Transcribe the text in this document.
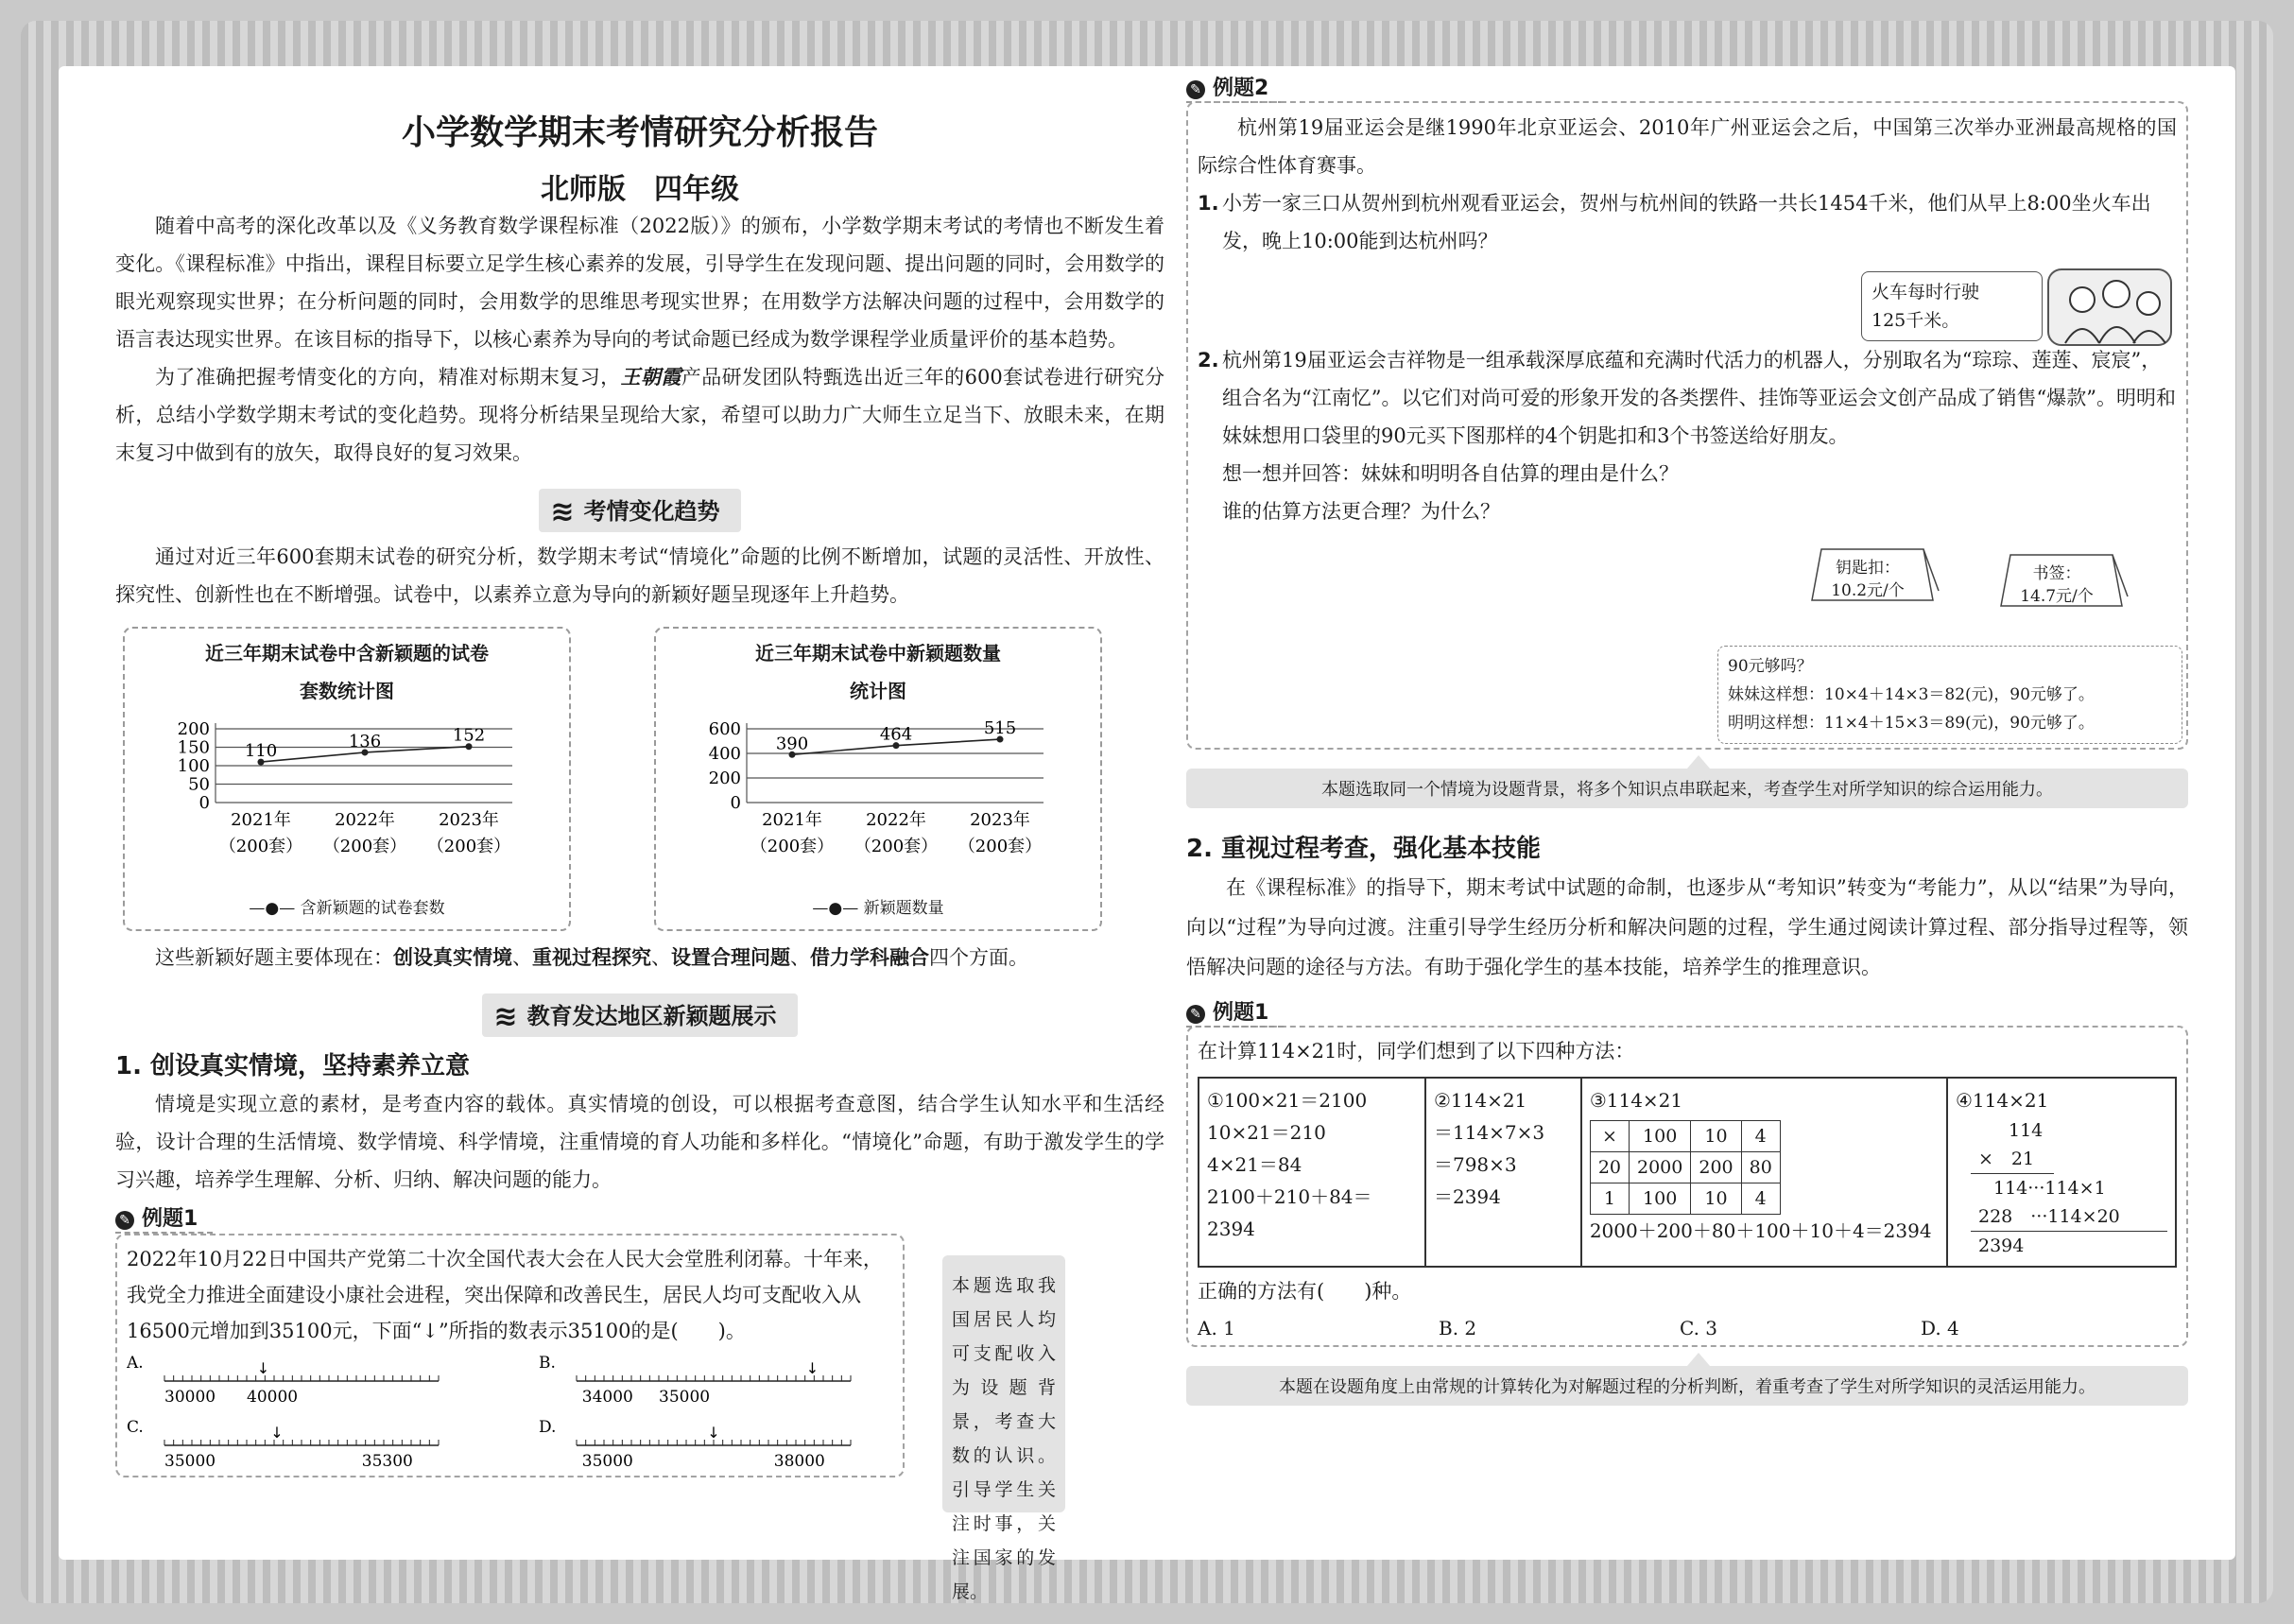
小学数学期末考情研究分析报告
北师版　四年级

随着中高考的深化改革以及《义务教育数学课程标准（2022版）》的颁布，小学数学期末考试的考情也不断发生着变化。《课程标准》中指出，课程目标要立足学生核心素养的发展，引导学生在发现问题、提出问题的同时，会用数学的眼光观察现实世界；在分析问题的同时，会用数学的思维思考现实世界；在用数学方法解决问题的过程中，会用数学的语言表达现实世界。在该目标的指导下，以核心素养为导向的考试命题已经成为数学课程学业质量评价的基本趋势。

为了准确把握考情变化的方向，精准对标期末复习，王朝霞产品研发团队特甄选出近三年的600套试卷进行研究分析，总结小学数学期末考试的变化趋势。现将分析结果呈现给大家，希望可以助力广大师生立足当下、放眼未来，在期末复习中做到有的放矢，取得良好的复习效果。

≋ 考情变化趋势

通过对近三年600套期末试卷的研究分析，数学期末考试“情境化”命题的比例不断增加，试题的灵活性、开放性、探究性、创新性也在不断增强。试卷中，以素养立意为导向的新颖好题呈现逐年上升趋势。

近三年期末试卷中含新颖题的试卷
套数统计图
0
50
100
150
200
110
2021年
（200套）
136
2022年
（200套）
152
2023年
（200套）
—●— 含新颖题的试卷套数
近三年期末试卷中新颖题数量
统计图
0
200
400
600
390
2021年
（200套）
464
2022年
（200套）
515
2023年
（200套）
—●— 新颖题数量

这些新颖好题主要体现在：创设真实情境、重视过程探究、设置合理问题、借力学科融合四个方面。

≋ 教育发达地区新颖题展示
1. 创设真实情境，坚持素养立意

情境是实现立意的素材，是考查内容的载体。真实情境的创设，可以根据考查意图，结合学生认知水平和生活经验，设计合理的生活情境、数学情境、科学情境，注重情境的育人功能和多样化。“情境化”命题，有助于激发学生的学习兴趣，培养学生理解、分析、归纳、解决问题的能力。

✎ 例题1
2022年10月22日中国共产党第二十次全国代表大会在人民大会堂胜利闭幕。十年来，我党全力推进全面建设小康社会进程，突出保障和改善民生，居民人均可支配收入从16500元增加到35100元，下面“↓”所指的数表示35100的是(　　)。
A.	↓
30000 40000
B.	↓
34000 35000
C.	↓
35000	35300
D.	↓
35000	38000
本题选取我国居民人均可支配收入为设题背景，考查大数的认识。引导学生关注时事，关注国家的发展。
✎ 例题2

杭州第19届亚运会是继1990年北京亚运会、2010年广州亚运会之后，中国第三次举办亚洲最高规格的国际综合性体育赛事。

1. 小芳一家三口从贺州到杭州观看亚运会，贺州与杭州间的铁路一共长1454千米，他们从早上8:00坐火车出发，晚上10:00能到达杭州吗？
火车每时行驶
125千米。
2. 杭州第19届亚运会吉祥物是一组承载深厚底蕴和充满时代活力的机器人，分别取名为“琮琮、莲莲、宸宸”，组合名为“江南忆”。以它们对尚可爱的形象开发的各类摆件、挂饰等亚运会文创产品成了销售“爆款”。明明和妹妹想用口袋里的90元买下图那样的4个钥匙扣和3个书签送给好朋友。
想一想并回答：妹妹和明明各自估算的理由是什么？谁的估算方法更合理？为什么？
钥匙扣：
10.2元/个
书签：
14.7元/个
90元够吗？
妹妹这样想：10×4＋14×3＝82(元)，90元够了。
明明这样想：11×4＋15×3＝89(元)，90元够了。
本题选取同一个情境为设题背景，将多个知识点串联起来，考查学生对所学知识的综合运用能力。
2. 重视过程考查，强化基本技能

在《课程标准》的指导下，期末考试中试题的命制，也逐步从“考知识”转变为“考能力”，从以“结果”为导向，向以“过程”为导向过渡。注重引导学生经历分析和解决问题的过程，学生通过阅读计算过程、部分指导过程等，领悟解决问题的途径与方法。有助于强化学生的基本技能，培养学生的推理意识。

✎ 例题1
在计算114×21时，同学们想到了以下四种方法：
①100×21＝2100
10×21＝210
4×21＝84
2100＋210＋84＝2394

②114×21
＝114×7×3
＝798×3
＝2394

③114×21
×	100	10	4
20	2000	200	80
1	100	10	4
2000＋200＋80＋100＋10＋4＝2394

④114×21
114
×　21
114···114×1
228　···114×20
2394
正确的方法有(　　)种。
A. 1	B. 2	C. 3	D. 4
本题在设题角度上由常规的计算转化为对解题过程的分析判断，着重考查了学生对所学知识的灵活运用能力。
